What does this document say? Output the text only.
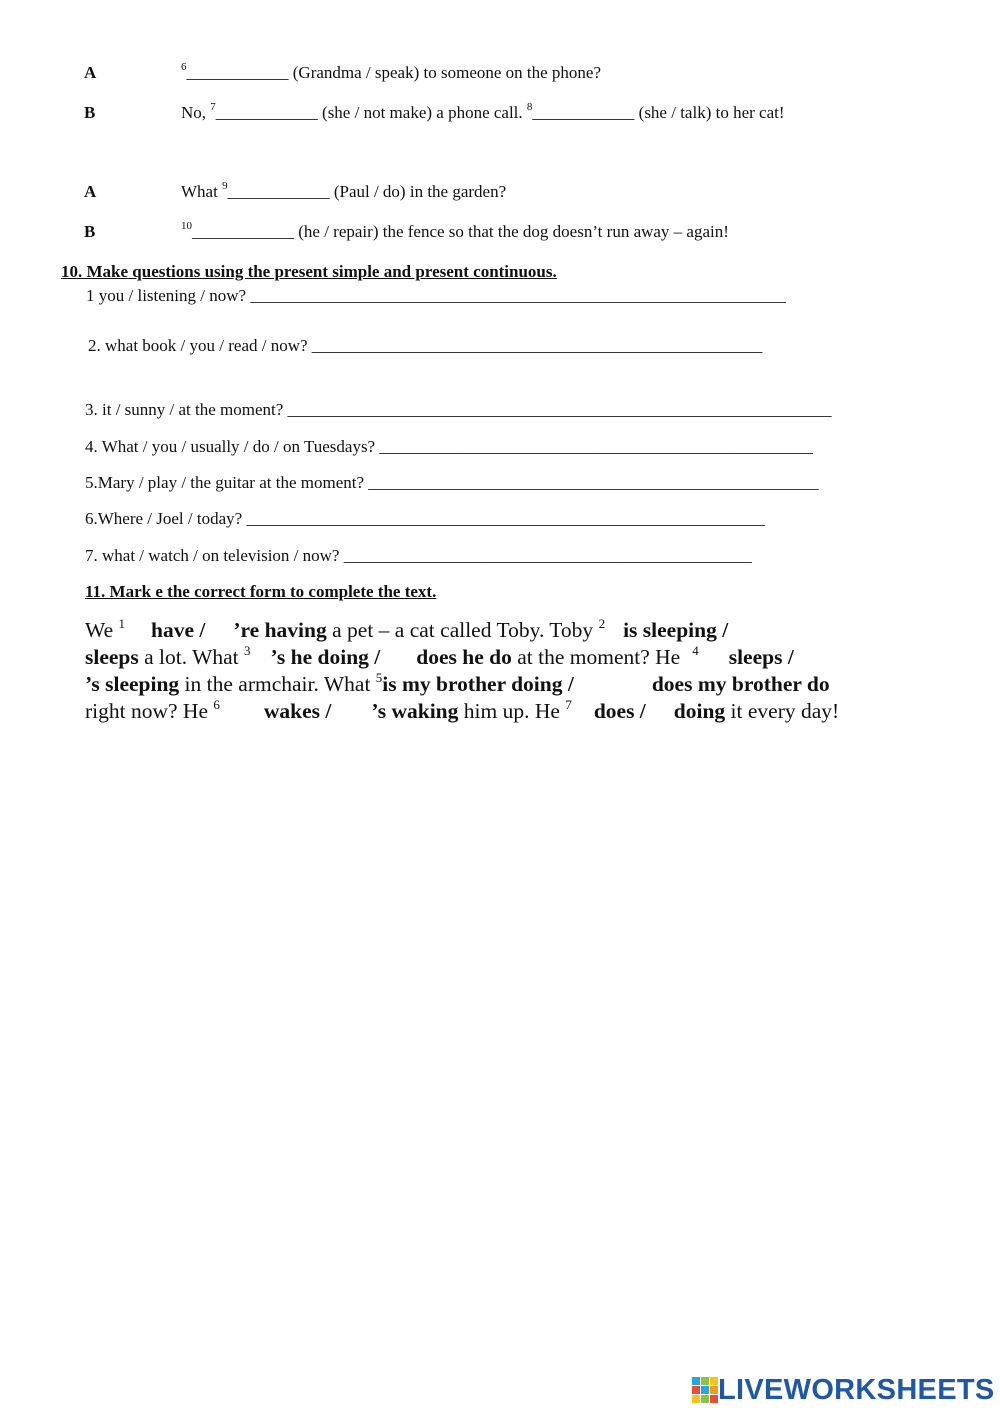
A	$^6$____________ (Grandma / speak) to someone on the phone?
B	No, $^7$____________ (she / not make) a phone call. $^8$____________ (she / talk) to her cat!
A	What $^9$____________ (Paul / do) in the garden?
B	$^{10}$____________ (he / repair) the fence so that the dog doesn’t run away – again!
10. Make questions using the present simple and present continuous.
1 you / listening / now? _______________________________________________________________
2. what book / you / read / now? _____________________________________________________
3. it / sunny / at the moment? ________________________________________________________________
4. What / you / usually / do / on Tuesdays? ___________________________________________________
5.Mary / play / the guitar at the moment? _____________________________________________________
6.Where / Joel / today? _____________________________________________________________
7. what / watch / on television / now? ________________________________________________
11. Mark e the correct form to complete the text.
We $^1$ have / ’re having a pet – a cat called Toby. Toby $^2$ is sleeping /
sleeps a lot. What $^3$ ’s he doing / does he do at the moment? He $^4$ sleeps /
’s sleeping in the armchair. What $^5$is my brother doing /	does my brother do
right now? He $^6$ wakes / ’s waking him up. He $^7$ does / doing it every day!
LIVEWORKSHEETS
